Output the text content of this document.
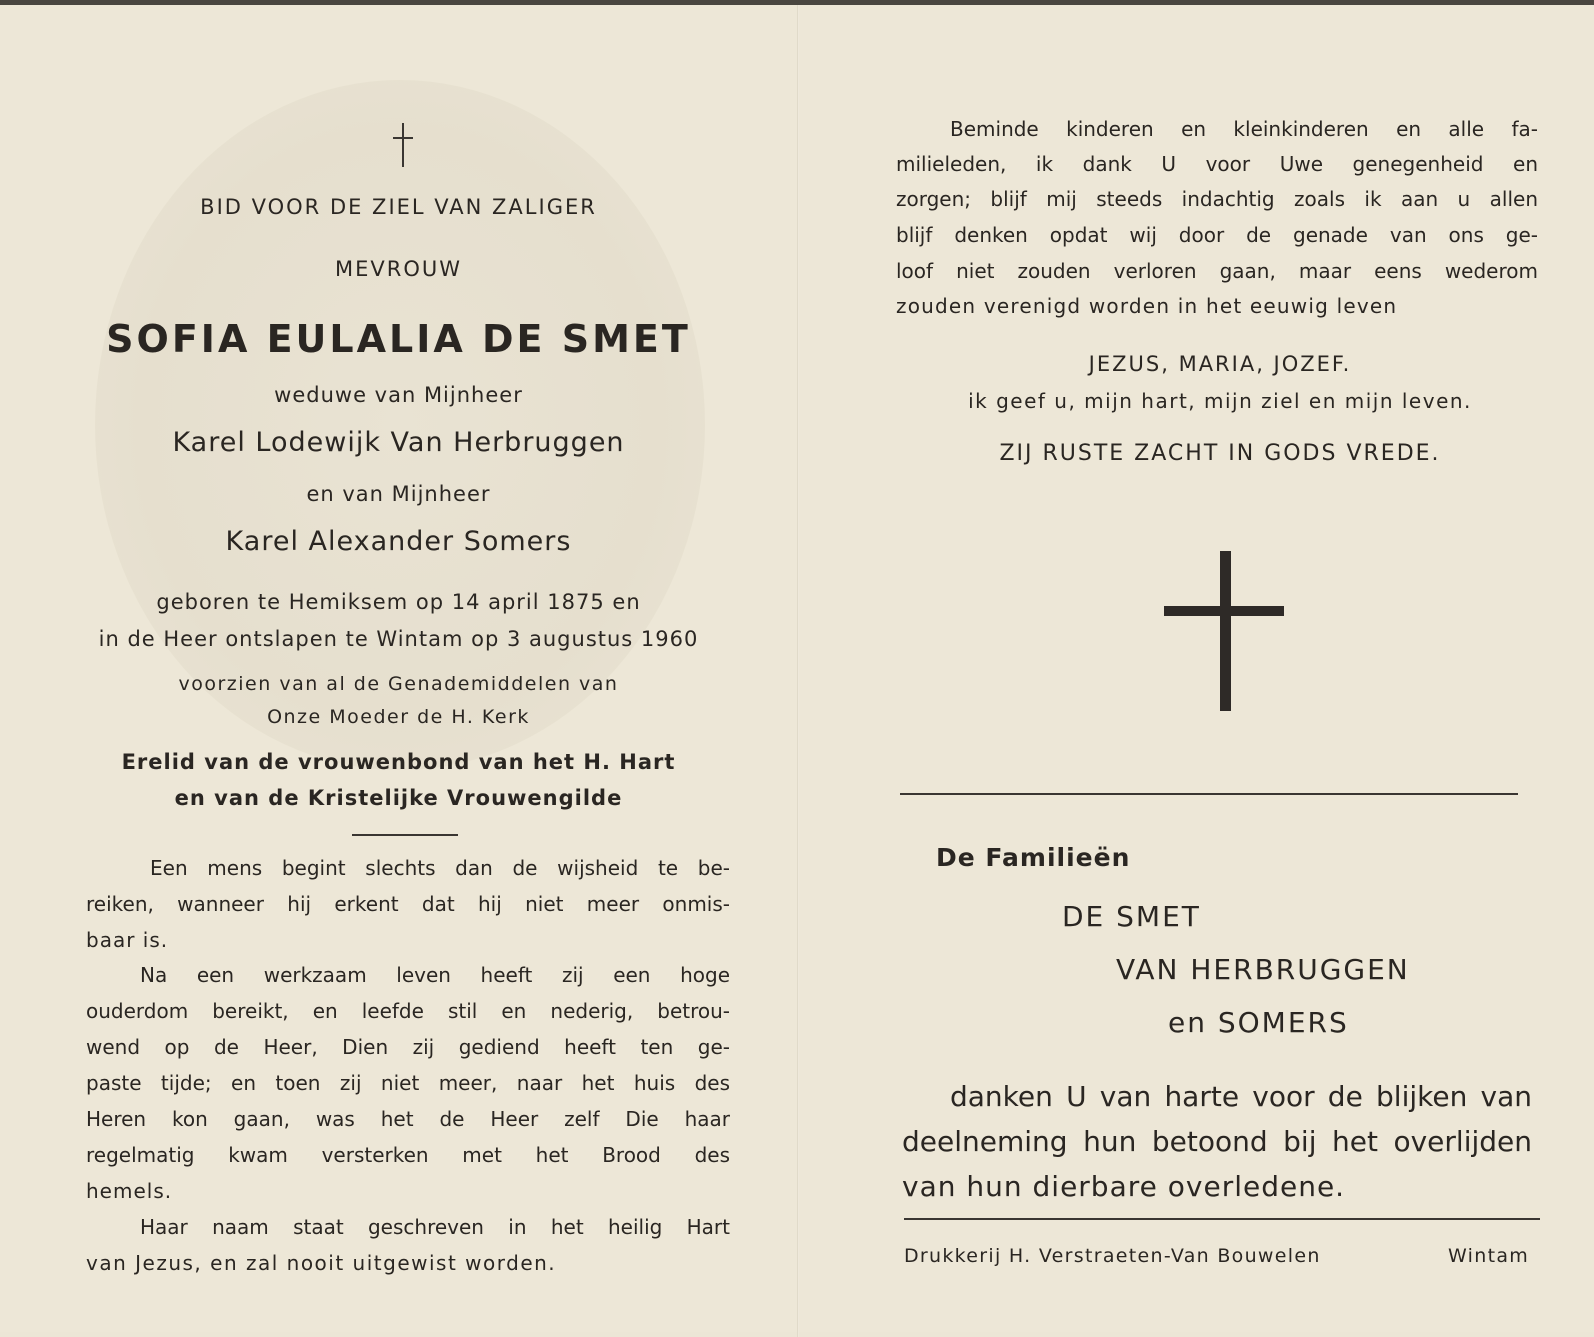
BID VOOR DE ZIEL VAN ZALIGER
MEVROUW
SOFIA EULALIA DE SMET
weduwe van Mijnheer
Karel Lodewijk Van Herbruggen
en van Mijnheer
Karel Alexander Somers
geboren te Hemiksem op 14 april 1875 en
in de Heer ontslapen te Wintam op 3 augustus 1960
voorzien van al de Genademiddelen van
Onze Moeder de H. Kerk
Erelid van de vrouwenbond van het H. Hart
en van de Kristelijke Vrouwengilde
Een mens begint slechts dan de wijsheid te be-
reiken, wanneer hij erkent dat hij niet meer onmis-
baar is.
Na een werkzaam leven heeft zij een hoge
ouderdom bereikt, en leefde stil en nederig, betrou-
wend op de Heer, Dien zij gediend heeft ten ge-
paste tijde; en toen zij niet meer, naar het huis des
Heren kon gaan, was het de Heer zelf Die haar
regelmatig kwam versterken met het Brood des
hemels.
Haar naam staat geschreven in het heilig Hart
van Jezus, en zal nooit uitgewist worden.
Beminde kinderen en kleinkinderen en alle fa-
milieleden, ik dank U voor Uwe genegenheid en
zorgen; blijf mij steeds indachtig zoals ik aan u allen
blijf denken opdat wij door de genade van ons ge-
loof niet zouden verloren gaan, maar eens wederom
zouden verenigd worden in het eeuwig leven
JEZUS, MARIA, JOZEF.
ik geef u, mijn hart, mijn ziel en mijn leven.
ZIJ RUSTE ZACHT IN GODS VREDE.
De Familieën
DE SMET
VAN HERBRUGGEN
en SOMERS
danken U van harte voor de blijken van
deelneming hun betoond bij het overlijden
van hun dierbare overledene.
Drukkerij H. Verstraeten-Van Bouwelen	Wintam
